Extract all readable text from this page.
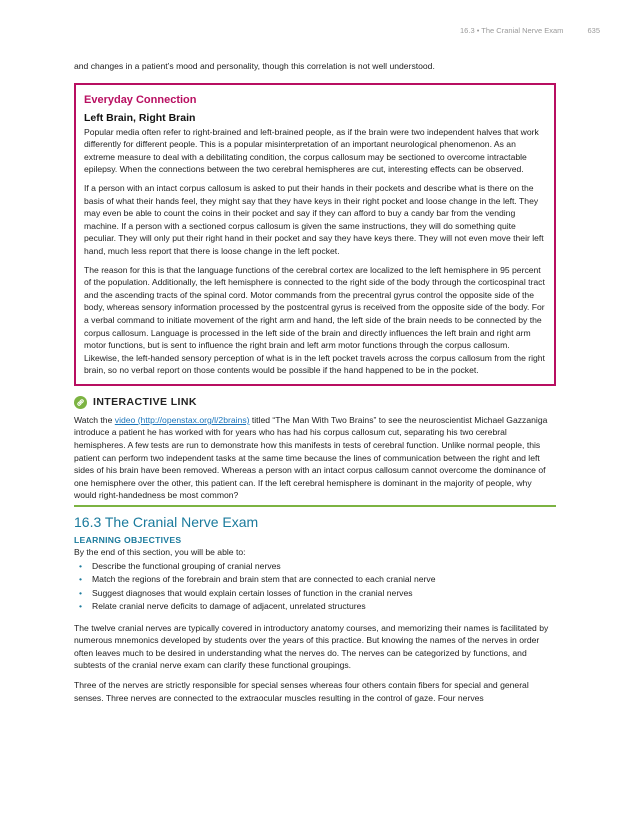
16.3 • The Cranial Nerve Exam	635

and changes in a patient’s mood and personality, though this correlation is not well understood.

Everyday Connection
Left Brain, Right Brain

Popular media often refer to right-brained and left-brained people, as if the brain were two independent halves that work differently for different people. This is a popular misinterpretation of an important neurological phenomenon. As an extreme measure to deal with a debilitating condition, the corpus callosum may be sectioned to overcome intractable epilepsy. When the connections between the two cerebral hemispheres are cut, interesting effects can be observed.

If a person with an intact corpus callosum is asked to put their hands in their pockets and describe what is there on the basis of what their hands feel, they might say that they have keys in their right pocket and loose change in the left. They may even be able to count the coins in their pocket and say if they can afford to buy a candy bar from the vending machine. If a person with a sectioned corpus callosum is given the same instructions, they will do something quite peculiar. They will only put their right hand in their pocket and say they have keys there. They will not even move their left hand, much less report that there is loose change in the left pocket.

The reason for this is that the language functions of the cerebral cortex are localized to the left hemisphere in 95 percent of the population. Additionally, the left hemisphere is connected to the right side of the body through the corticospinal tract and the ascending tracts of the spinal cord. Motor commands from the precentral gyrus control the opposite side of the body, whereas sensory information processed by the postcentral gyrus is received from the opposite side of the body. For a verbal command to initiate movement of the right arm and hand, the left side of the brain needs to be connected by the corpus callosum. Language is processed in the left side of the brain and directly influences the left brain and right arm motor functions, but is sent to influence the right brain and left arm motor functions through the corpus callosum. Likewise, the left-handed sensory perception of what is in the left pocket travels across the corpus callosum from the right brain, so no verbal report on those contents would be possible if the hand happened to be in the pocket.

INTERACTIVE LINK

Watch the video (http://openstax.org/l/2brains) titled “The Man With Two Brains” to see the neuroscientist Michael Gazzaniga introduce a patient he has worked with for years who has had his corpus callosum cut, separating his two cerebral hemispheres. A few tests are run to demonstrate how this manifests in tests of cerebral function. Unlike normal people, this patient can perform two independent tasks at the same time because the lines of communication between the right and left sides of his brain have been removed. Whereas a person with an intact corpus callosum cannot overcome the dominance of one hemisphere over the other, this patient can. If the left cerebral hemisphere is dominant in the majority of people, why would right-handedness be most common?

16.3 The Cranial Nerve Exam
LEARNING OBJECTIVES

By the end of this section, you will be able to:

• Describe the functional grouping of cranial nerves
• Match the regions of the forebrain and brain stem that are connected to each cranial nerve
• Suggest diagnoses that would explain certain losses of function in the cranial nerves
• Relate cranial nerve deficits to damage of adjacent, unrelated structures

The twelve cranial nerves are typically covered in introductory anatomy courses, and memorizing their names is facilitated by numerous mnemonics developed by students over the years of this practice. But knowing the names of the nerves in order often leaves much to be desired in understanding what the nerves do. The nerves can be categorized by functions, and subtests of the cranial nerve exam can clarify these functional groupings.

Three of the nerves are strictly responsible for special senses whereas four others contain fibers for special and general senses. Three nerves are connected to the extraocular muscles resulting in the control of gaze. Four nerves
